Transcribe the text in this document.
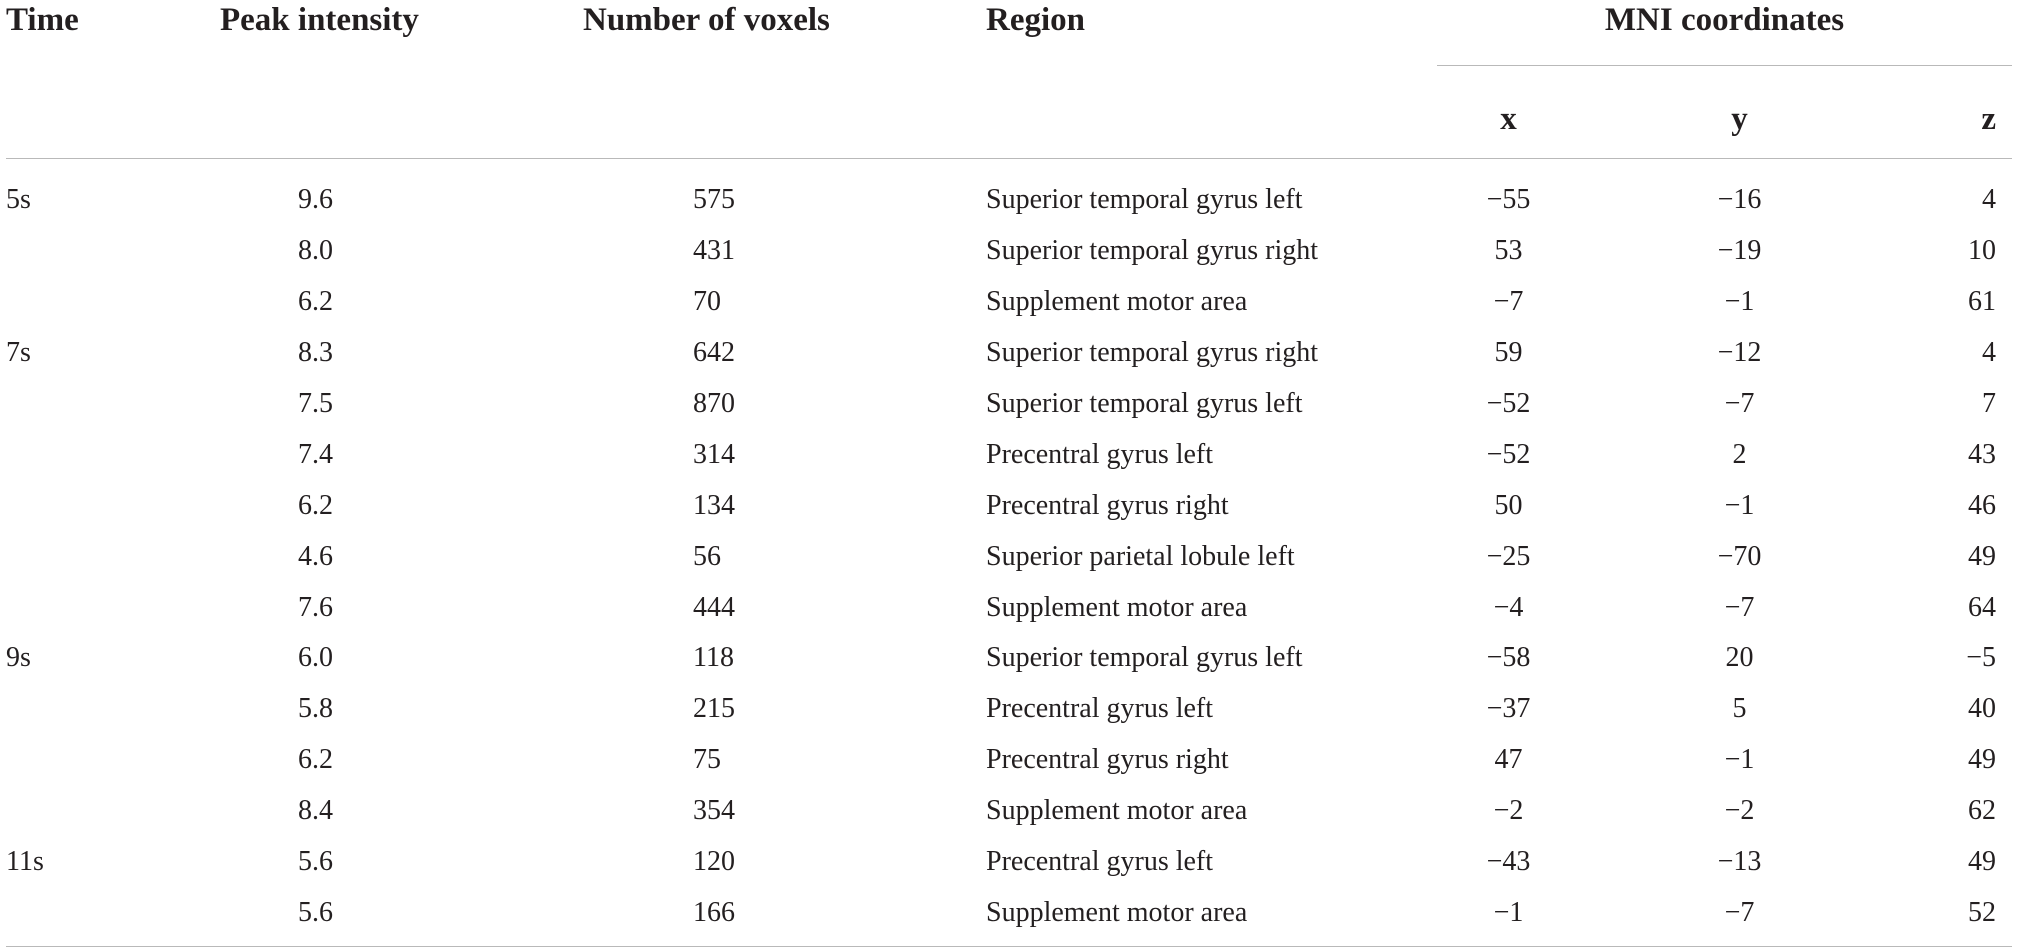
Time	Peak intensity	Number of voxels	Region	MNI coordinates		
				x	y	z
5s	9.6	575	Superior temporal gyrus left	−55	−16	4
	8.0	431	Superior temporal gyrus right	53	−19	10
	6.2	70	Supplement motor area	−7	−1	61
7s	8.3	642	Superior temporal gyrus right	59	−12	4
	7.5	870	Superior temporal gyrus left	−52	−7	7
	7.4	314	Precentral gyrus left	−52	2	43
	6.2	134	Precentral gyrus right	50	−1	46
	4.6	56	Superior parietal lobule left	−25	−70	49
	7.6	444	Supplement motor area	−4	−7	64
9s	6.0	118	Superior temporal gyrus left	−58	20	−5
	5.8	215	Precentral gyrus left	−37	5	40
	6.2	75	Precentral gyrus right	47	−1	49
	8.4	354	Supplement motor area	−2	−2	62
11s	5.6	120	Precentral gyrus left	−43	−13	49
	5.6	166	Supplement motor area	−1	−7	52
